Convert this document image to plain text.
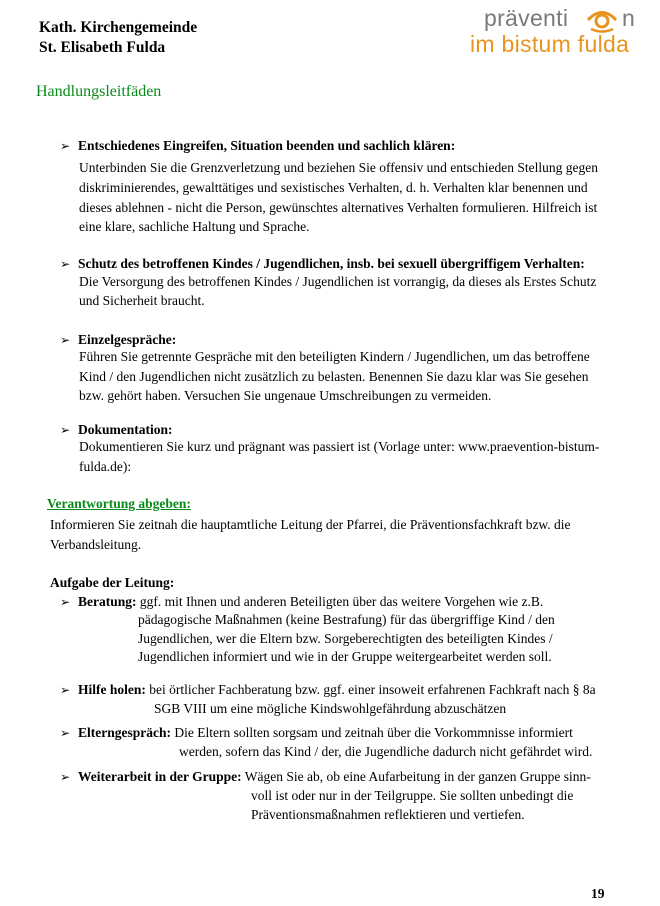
Kath. Kirchengemeinde
St. Elisabeth Fulda
präventi n
im bistum fulda
Handlungsleitfäden
➢ Entschiedenes Eingreifen, Situation beenden und sachlich klären:
Unterbinden Sie die Grenzverletzung und beziehen Sie offensiv und entschieden Stellung gegen
diskriminierendes, gewalttätiges und sexistisches Verhalten, d. h. Verhalten klar benennen und
dieses ablehnen - nicht die Person, gewünschtes alternatives Verhalten formulieren. Hilfreich ist
eine klare, sachliche Haltung und Sprache.
➢ Schutz des betroffenen Kindes / Jugendlichen, insb. bei sexuell übergriffigem Verhalten:
Die Versorgung des betroffenen Kindes / Jugendlichen ist vorrangig, da dieses als Erstes Schutz
und Sicherheit braucht.
➢ Einzelgespräche:
Führen Sie getrennte Gespräche mit den beteiligten Kindern / Jugendlichen, um das betroffene
Kind / den Jugendlichen nicht zusätzlich zu belasten. Benennen Sie dazu klar was Sie gesehen
bzw. gehört haben. Versuchen Sie ungenaue Umschreibungen zu vermeiden.
➢ Dokumentation:
Dokumentieren Sie kurz und prägnant was passiert ist (Vorlage unter: www.praevention-bistum-
fulda.de):
Verantwortung abgeben:
Informieren Sie zeitnah die hauptamtliche Leitung der Pfarrei, die Präventionsfachkraft bzw. die
Verbandsleitung.
Aufgabe der Leitung:
➢ Beratung: ggf. mit Ihnen und anderen Beteiligten über das weitere Vorgehen wie z.B.
pädagogische Maßnahmen (keine Bestrafung) für das übergriffige Kind / den
Jugendlichen, wer die Eltern bzw. Sorgeberechtigten des beteiligten Kindes /
Jugendlichen informiert und wie in der Gruppe weitergearbeitet werden soll.
➢ Hilfe holen: bei örtlicher Fachberatung bzw. ggf. einer insoweit erfahrenen Fachkraft nach § 8a
SGB VIII um eine mögliche Kindswohlgefährdung abzuschätzen
➢ Elterngespräch: Die Eltern sollten sorgsam und zeitnah über die Vorkommnisse informiert
werden, sofern das Kind / der, die Jugendliche dadurch nicht gefährdet wird.
➢ Weiterarbeit in der Gruppe: Wägen Sie ab, ob eine Aufarbeitung in der ganzen Gruppe sinn-
voll ist oder nur in der Teilgruppe. Sie sollten unbedingt die
Präventionsmaßnahmen reflektieren und vertiefen.
19
